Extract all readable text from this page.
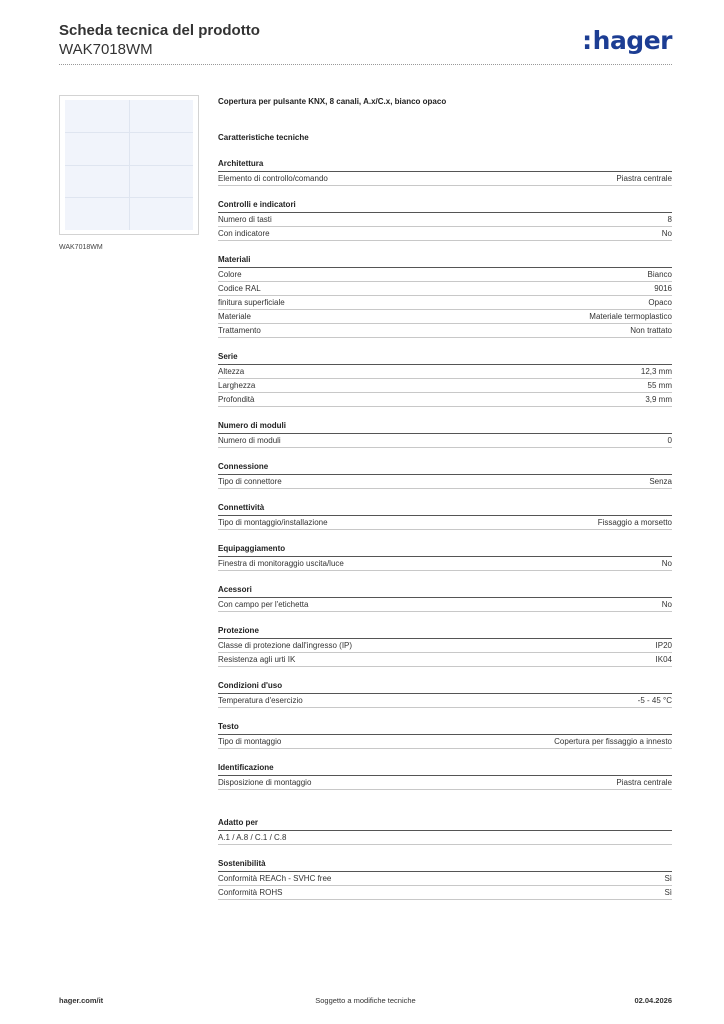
Scheda tecnica del prodotto
WAK7018WM	:hager
WAK7018WM
Copertura per pulsante KNX, 8 canali, A.x/C.x, bianco opaco
Caratteristiche tecniche
Architettura
Elemento di controllo/comando	Piastra centrale
Controlli e indicatori
Numero di tasti	8
Con indicatore	No
Materiali
Colore	Bianco
Codice RAL	9016
finitura superficiale	Opaco
Materiale	Materiale termoplastico
Trattamento	Non trattato
Serie
Altezza	12,3 mm
Larghezza	55 mm
Profondità	3,9 mm
Numero di moduli
Numero di moduli	0
Connessione
Tipo di connettore	Senza
Connettività
Tipo di montaggio/installazione	Fissaggio a morsetto
Equipaggiamento
Finestra di monitoraggio uscita/luce	No
Acessori
Con campo per l'etichetta	No
Protezione
Classe di protezione dall'ingresso (IP)	IP20
Resistenza agli urti IK	IK04
Condizioni d'uso
Temperatura d'esercizio	-5 - 45 °C
Testo
Tipo di montaggio	Copertura per fissaggio a innesto
Identificazione
Disposizione di montaggio	Piastra centrale
Adatto per
A.1 / A.8 / C.1 / C.8
Sostenibilità
Conformità REACh - SVHC free	Sì
Conformità ROHS	Sì
hager.com/it	Soggetto a modifiche tecniche	02.04.2026
